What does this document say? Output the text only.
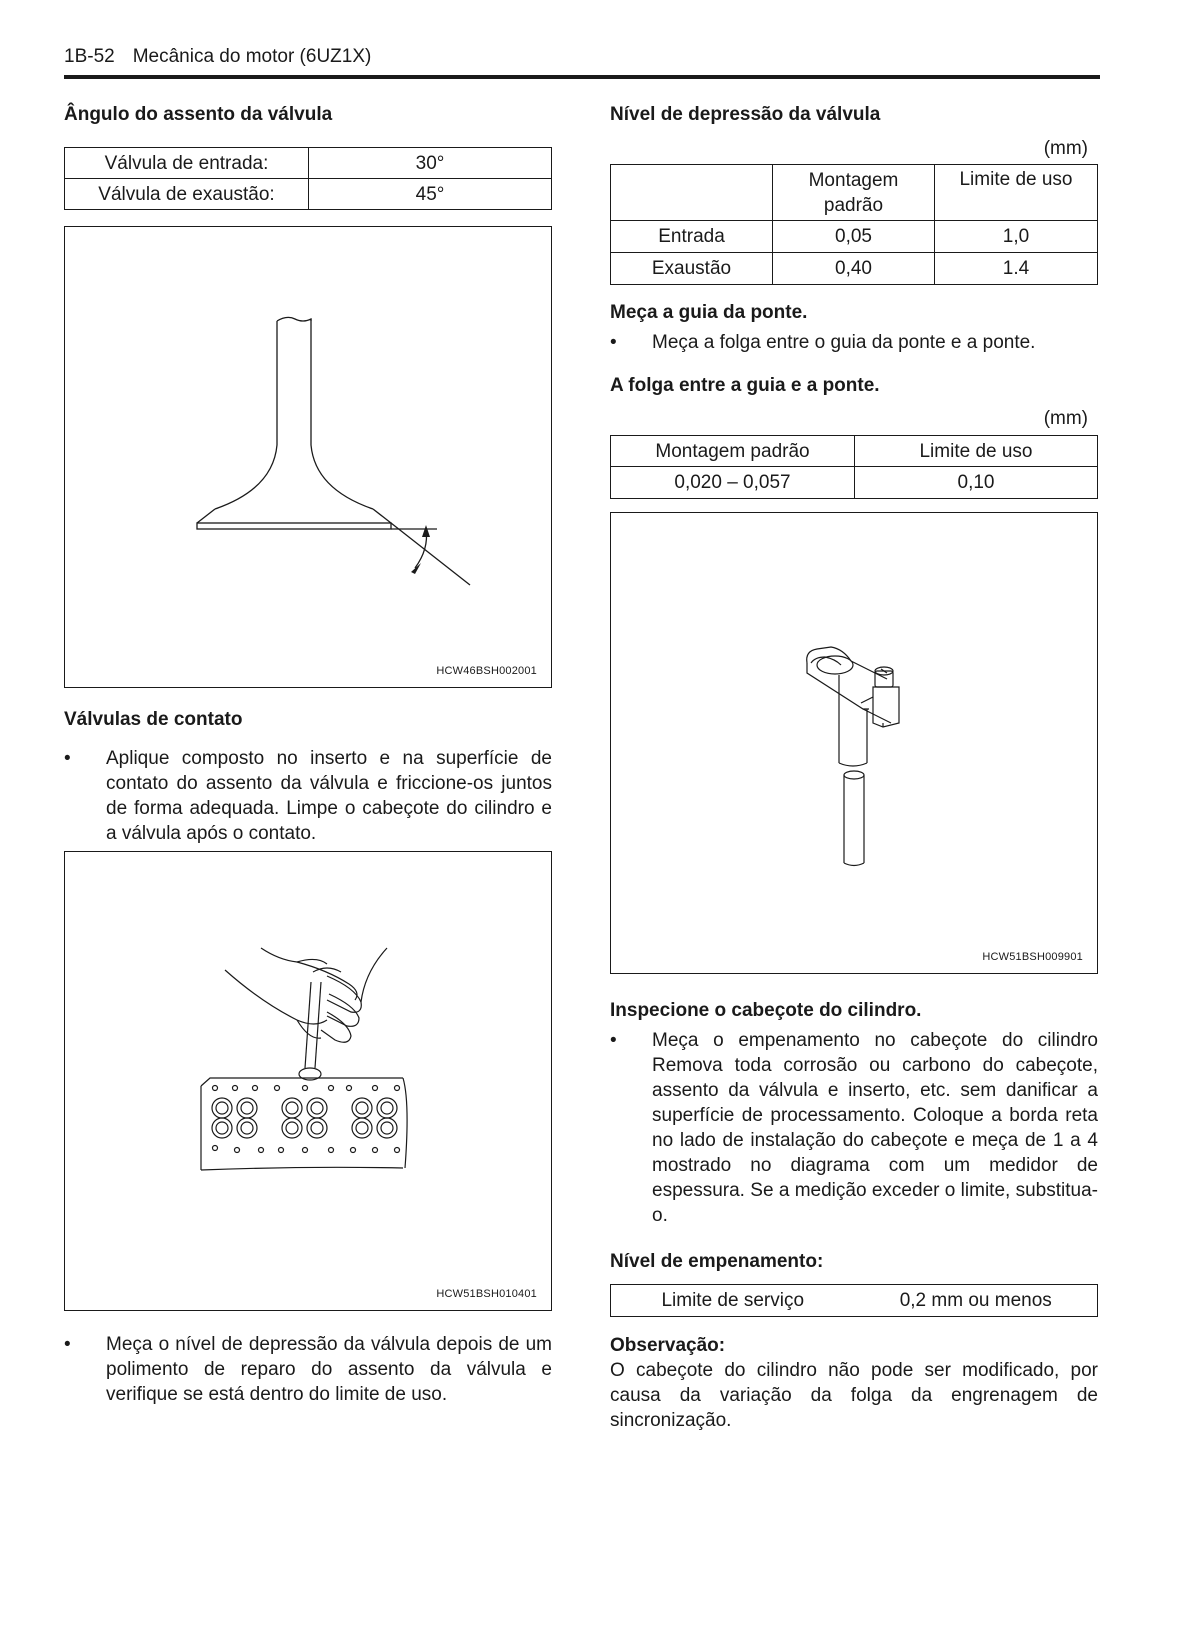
1B-52 Mecânica do motor (6UZ1X)
Ângulo do assento da válvula
Válvula de entrada:	30°
Válvula de exaustão:	45°
HCW46BSH002001
Válvulas de contato
• Aplique composto no inserto e na superfície de contato do assento da válvula e friccione-os juntos de forma adequada. Limpe o cabeçote do cilindro e a válvula após o contato.
HCW51BSH010401
• Meça o nível de depressão da válvula depois de um polimento de reparo do assento da válvula e verifique se está dentro do limite de uso.
Nível de depressão da válvula
(mm)
	Montagem padrão	Limite de uso
Entrada	0,05	1,0
Exaustão	0,40	1.4
Meça a guia da ponte.
• Meça a folga entre o guia da ponte e a ponte.
A folga entre a guia e a ponte.
(mm)
Montagem padrão	Limite de uso
0,020 – 0,057	0,10
HCW51BSH009901
Inspecione o cabeçote do cilindro.
• Meça o empenamento no cabeçote do cilindro Remova toda corrosão ou carbono do cabeçote, assento da válvula e inserto, etc. sem danificar a superfície de processamento. Coloque a borda reta no lado de instalação do cabeçote e meça de 1 a 4 mostrado no diagrama com um medidor de espessura. Se a medição exceder o limite, substitua-o.
Nível de empenamento:
Limite de serviço	0,2 mm ou menos
Observação:
O cabeçote do cilindro não pode ser modificado, por causa da variação da folga da engrenagem de sincronização.
